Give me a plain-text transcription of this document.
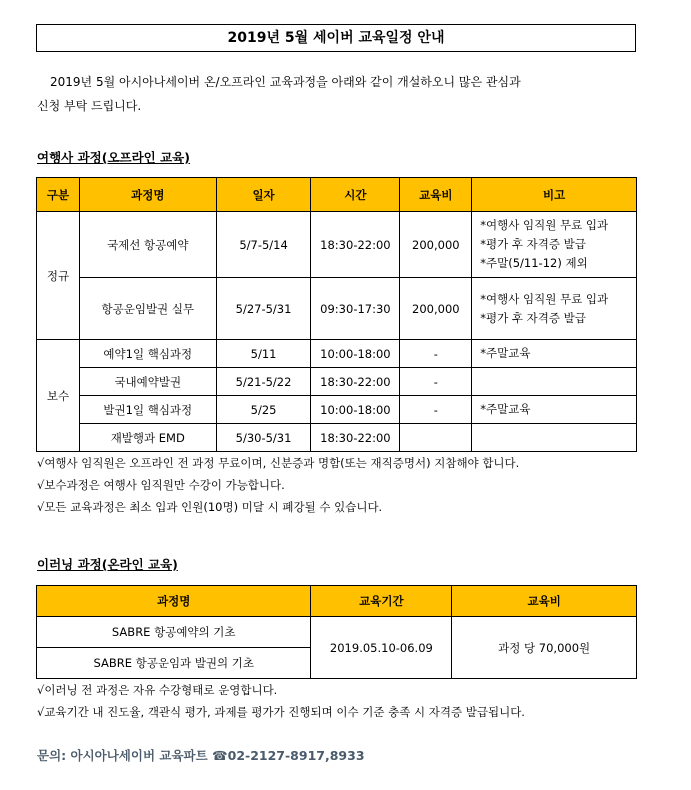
2019년 5월 세이버 교육일정 안내
2019년 5월 아시아나세이버 온/오프라인 교육과정을 아래와 같이 개설하오니 많은 관심과
신청 부탁 드립니다.
여행사 과정(오프라인 교육)
구분	과정명	일자	시간	교육비	비고
정규	국제선 항공예약	5/7-5/14	18:30-22:00	200,000	*여행사 임직원 무료 입과
*평가 후 자격증 발급
*주말(5/11-12) 제외

	항공운임발권 실무	5/27-5/31	09:30-17:30	200,000	*여행사 임직원 무료 입과
*평가 후 자격증 발급

보수	예약1일 핵심과정	5/11	10:00-18:00	-	*주말교육
	국내예약발권	5/21-5/22	18:30-22:00	-	
	발권1일 핵심과정	5/25	10:00-18:00	-	*주말교육
	재발행과 EMD	5/30-5/31	18:30-22:00		
√여행사 임직원은 오프라인 전 과정 무료이며, 신분증과 명함(또는 재직증명서) 지참해야 합니다.
√보수과정은 여행사 임직원만 수강이 가능합니다.
√모든 교육과정은 최소 입과 인원(10명) 미달 시 폐강될 수 있습니다.
이러닝 과정(온라인 교육)
과정명	교육기간	교육비
SABRE 항공예약의 기초	2019.05.10-06.09	과정 당 70,000원
SABRE 항공운임과 발권의 기초		
√이러닝 전 과정은 자유 수강형태로 운영합니다.
√교육기간 내 진도율, 객관식 평가, 과제를 평가가 진행되며 이수 기준 충족 시 자격증 발급됩니다.
문의: 아시아나세이버 교육파트 ☎02-2127-8917,8933
